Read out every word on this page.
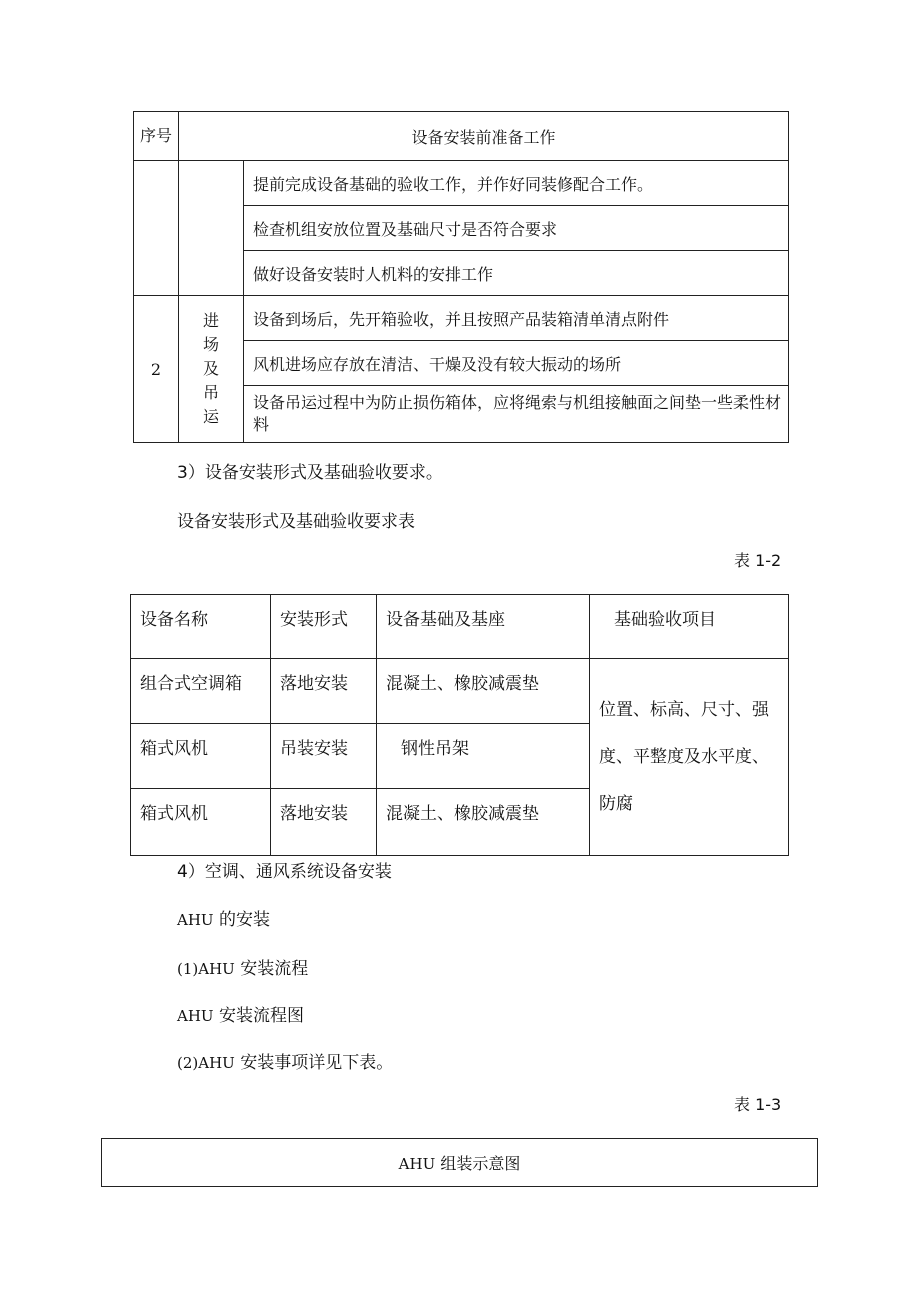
序号	设备安装前准备工作	
		提前完成设备基础的验收工作，并作好同装修配合工作。
		检查机组安放位置及基础尺寸是否符合要求
		做好设备安装时人机料的安排工作
2	进场及吊运	设备到场后，先开箱验收，并且按照产品装箱清单清点附件
		风机进场应存放在清洁、干燥及没有较大振动的场所
		设备吊运过程中为防止损伤箱体，应将绳索与机组接触面之间垫一些柔性材料
3）设备安装形式及基础验收要求。
设备安装形式及基础验收要求表
表 1-2
设备名称	安装形式	设备基础及基座	基础验收项目
组合式空调箱	落地安装	混凝土、橡胶减震垫	位置、标高、尺寸、强度、平整度及水平度、防腐
箱式风机	吊装安装	钢性吊架	
箱式风机	落地安装	混凝土、橡胶减震垫	
4）空调、通风系统设备安装
AHU 的安装
(1)AHU 安装流程
AHU 安装流程图
(2)AHU 安装事项详见下表。
表 1-3
AHU 组装示意图
